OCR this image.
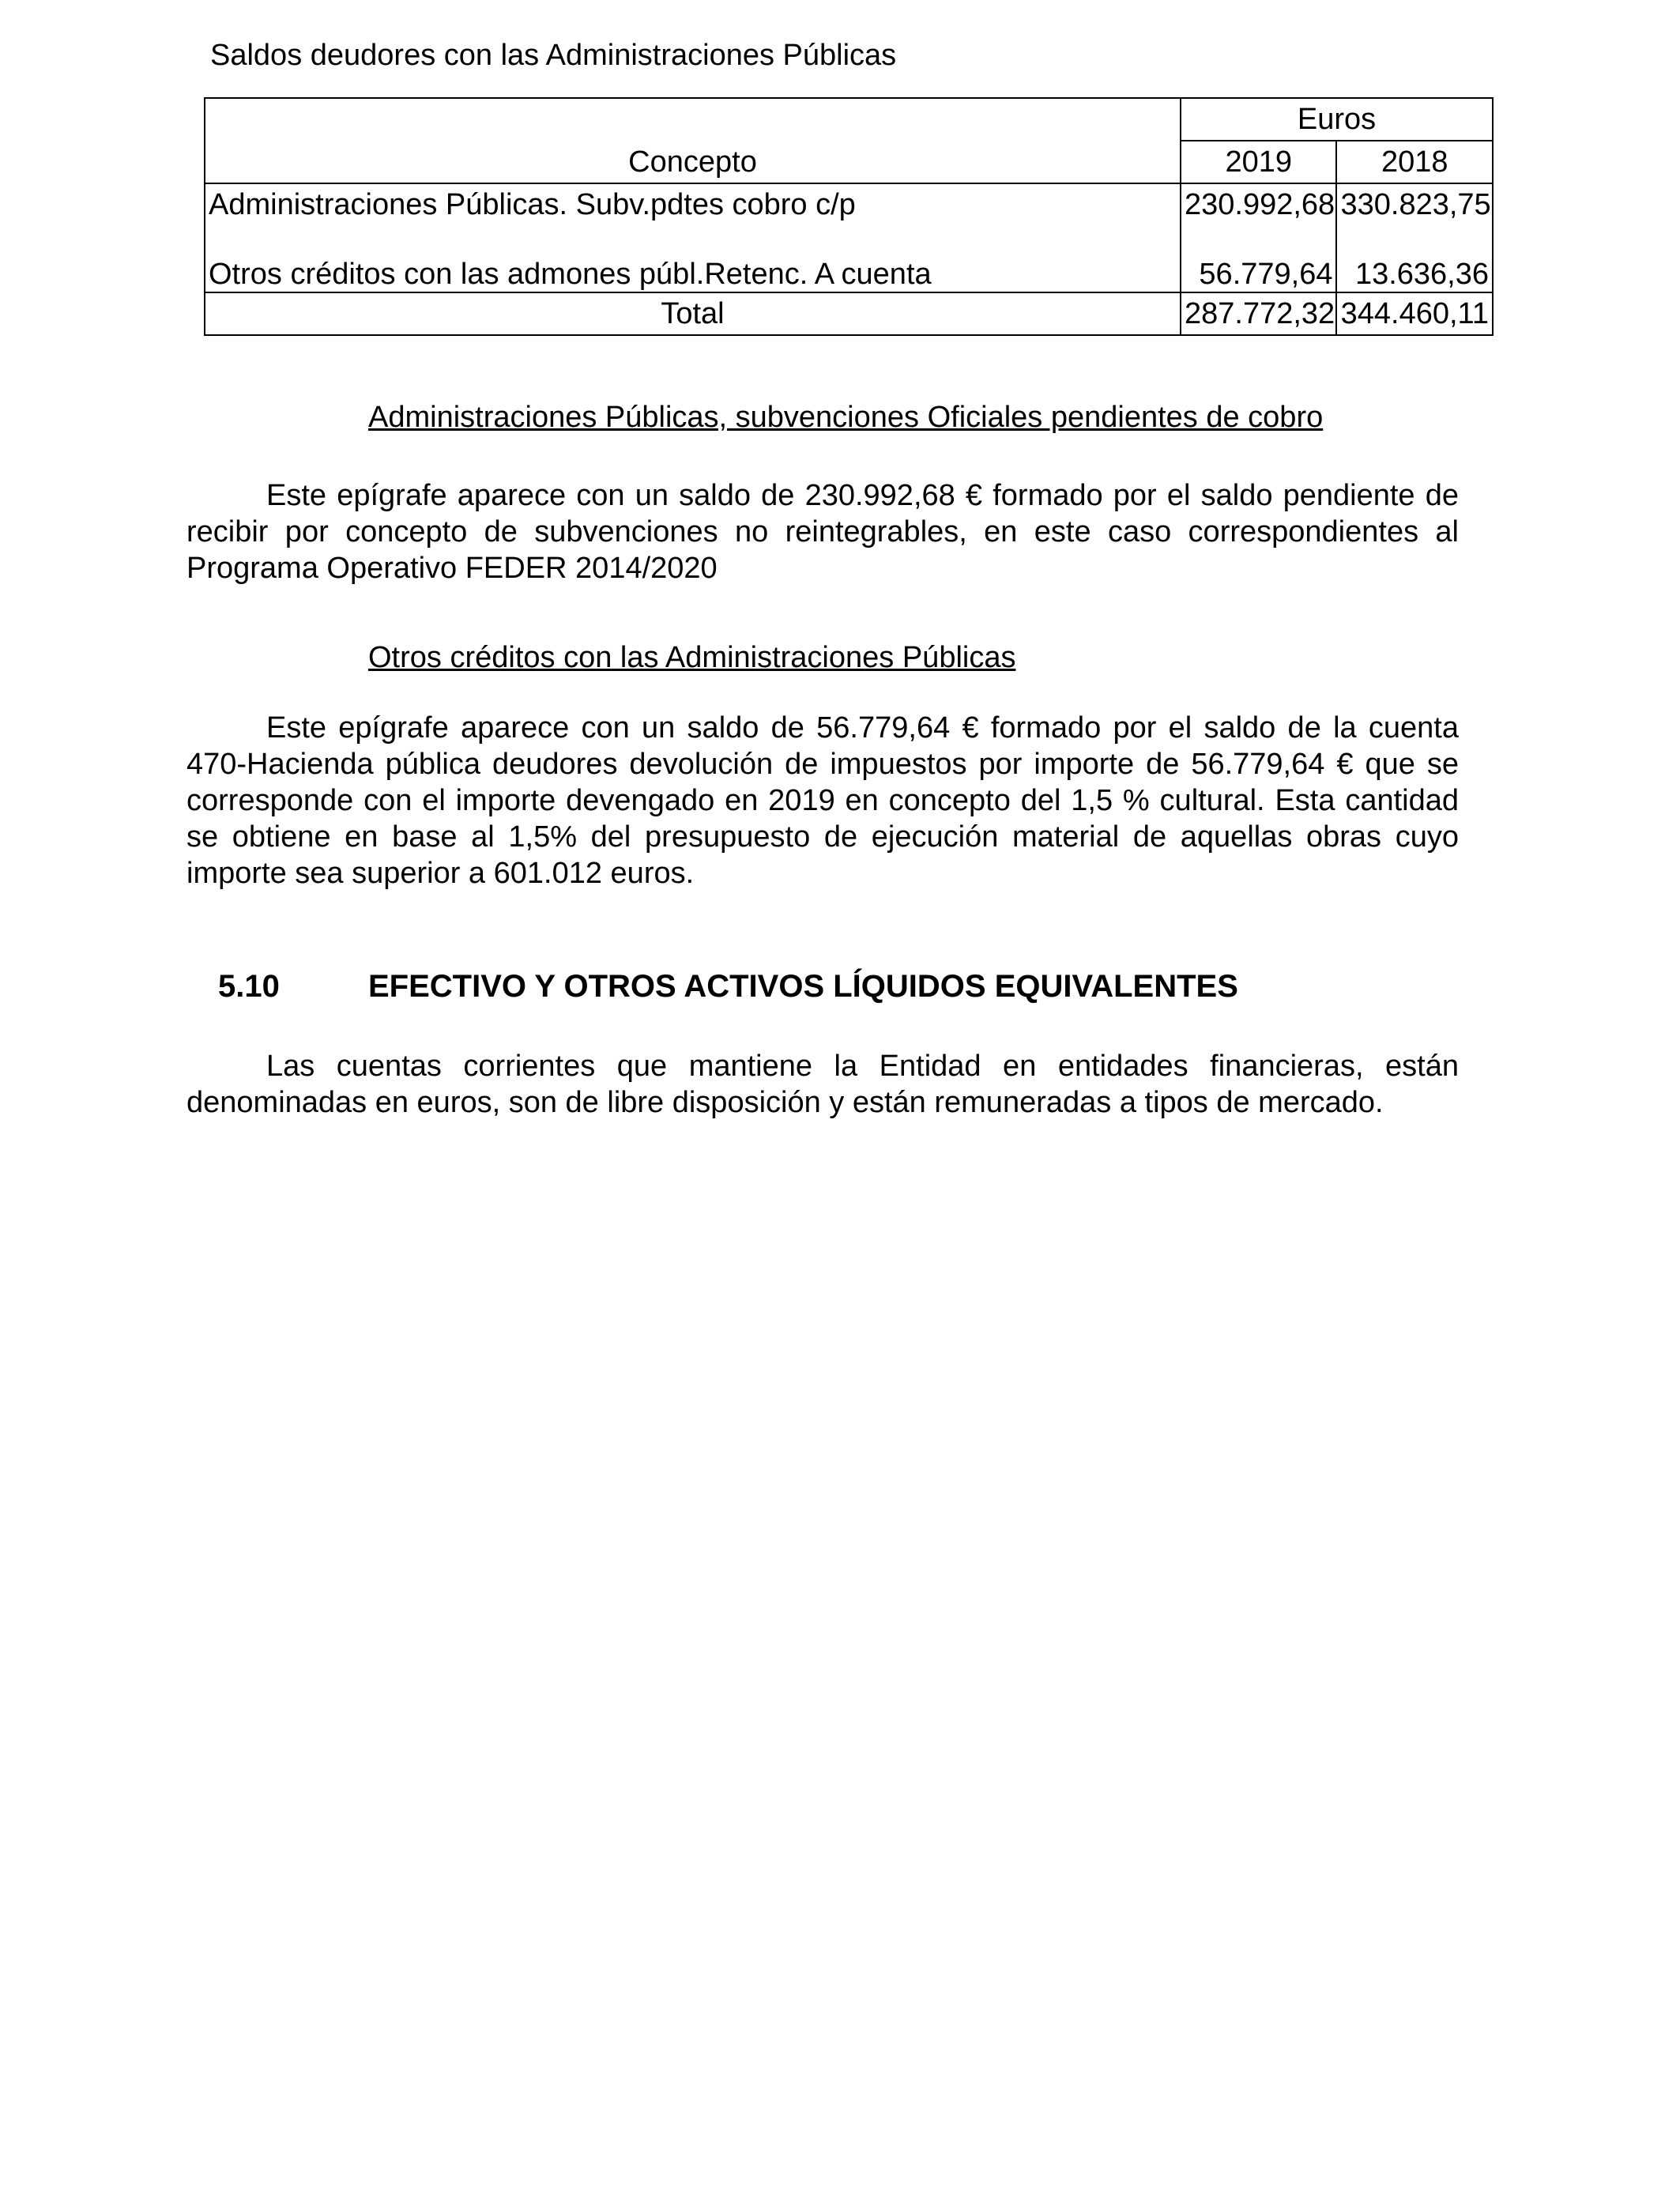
Saldos deudores con las Administraciones Públicas
	Euros	
Concepto	2019	2018
Administraciones Públicas. Subv.pdtes cobro c/p	230.992,68	330.823,75
Otros créditos con las admones públ.Retenc. A cuenta	56.779,64	13.636,36
Total	287.772,32	344.460,11
Administraciones Públicas, subvenciones Oficiales pendientes de cobro
Este epígrafe aparece con un saldo de 230.992,68 € formado por el saldo pendiente de recibir por concepto de subvenciones no reintegrables, en este caso correspondientes al Programa Operativo FEDER 2014/2020
Otros créditos con las Administraciones Públicas
Este epígrafe aparece con un saldo de 56.779,64 € formado por el saldo de la cuenta 470-Hacienda pública deudores devolución de impuestos por importe de 56.779,64 € que se corresponde con el importe devengado en 2019 en concepto del 1,5 % cultural. Esta cantidad se obtiene en base al 1,5% del presupuesto de ejecución material de aquellas obras cuyo importe sea superior a 601.012 euros.
5.10	EFECTIVO Y OTROS ACTIVOS LÍQUIDOS EQUIVALENTES
Las cuentas corrientes que mantiene la Entidad en entidades financieras, están denominadas en euros, son de libre disposición y están remuneradas a tipos de mercado.
